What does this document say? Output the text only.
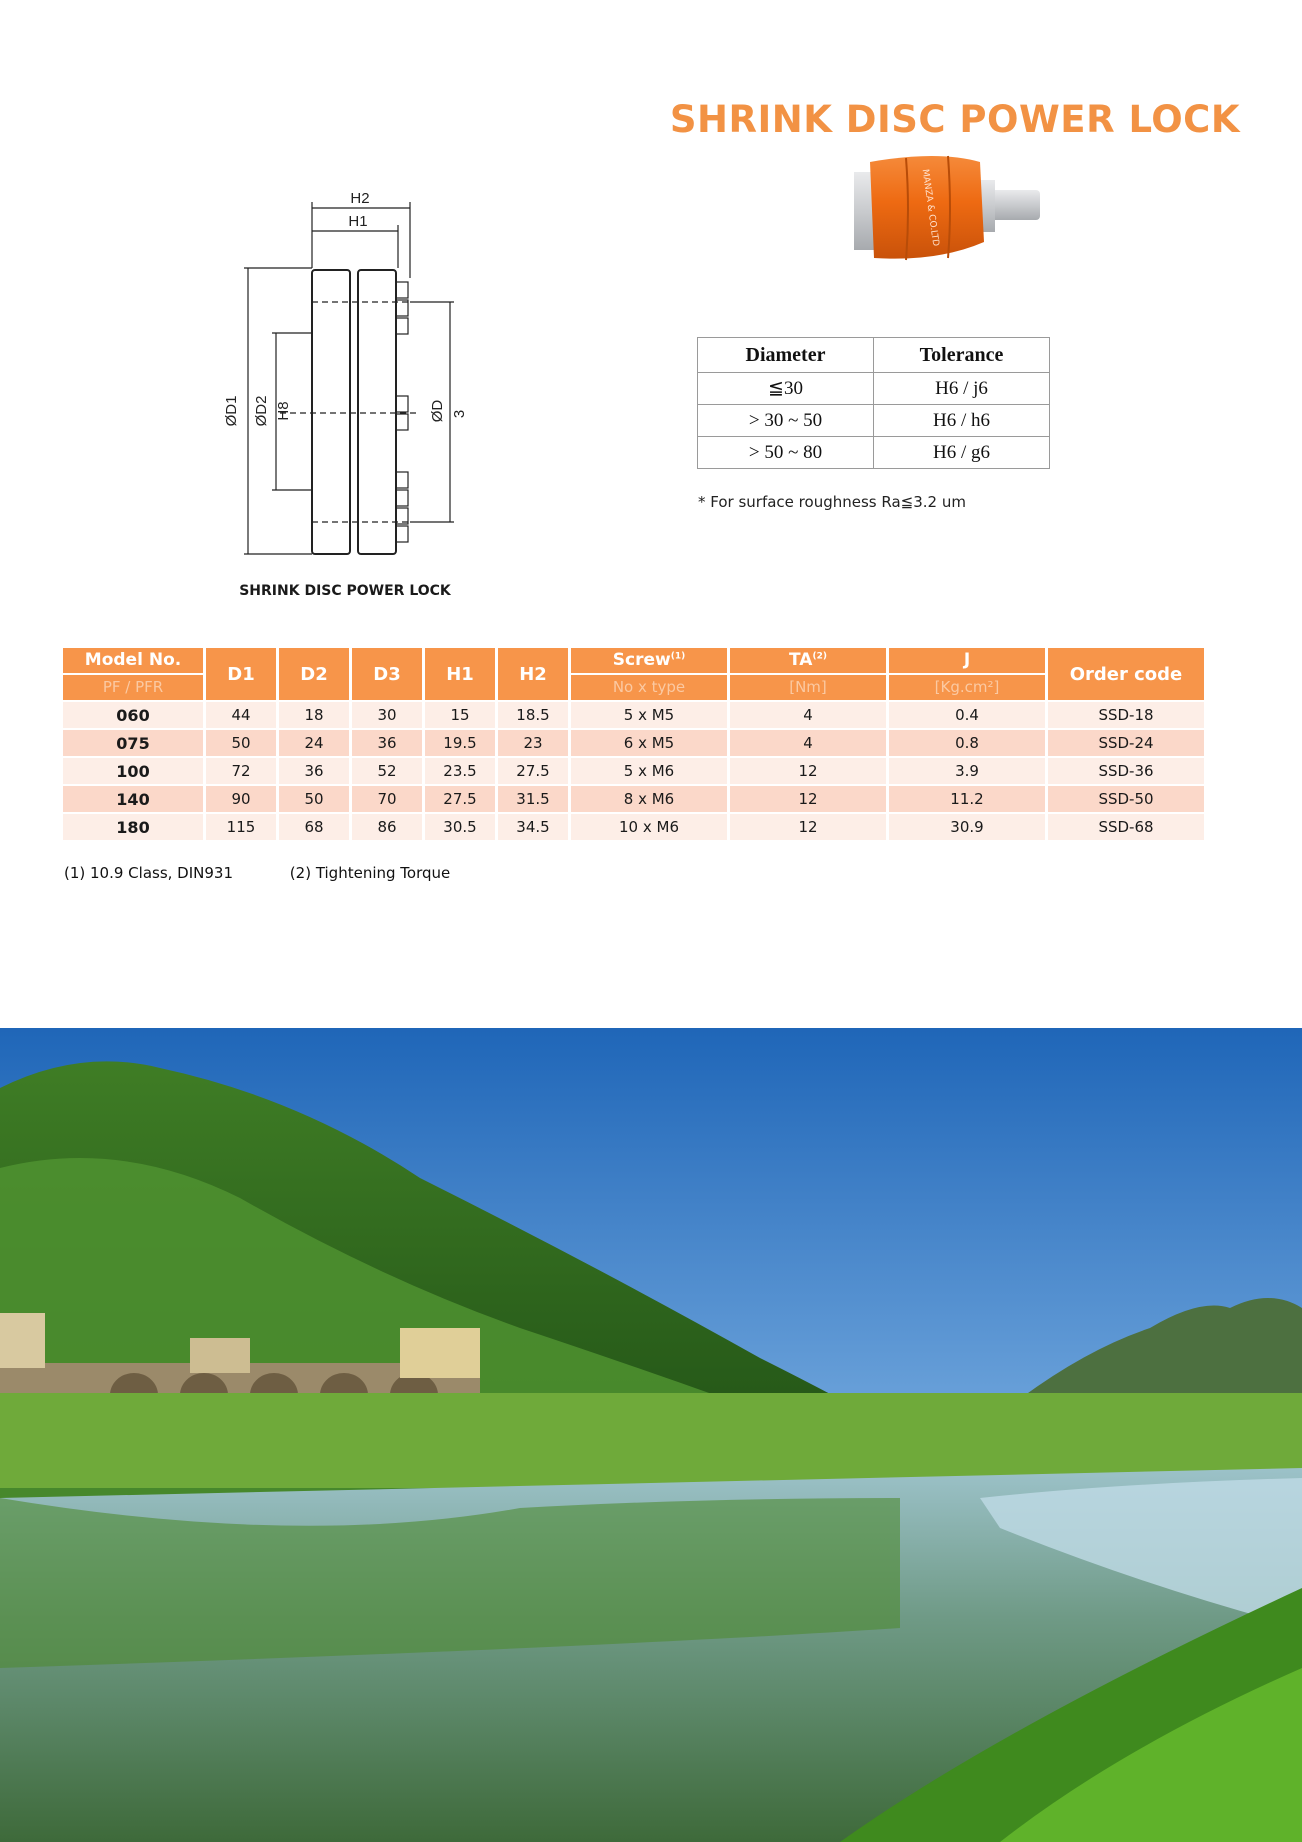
SHRINK DISC POWER LOCK
MANZA & CO.LTD
H2
H1
ØD1 ØD2 H8	ØD 3
SHRINK DISC POWER LOCK
Diameter	Tolerance
≦30	H6 / j6
> 30 ~ 50	H6 / h6
> 50 ~ 80	H6 / g6
* For surface roughness Ra≦3.2 um
Model No.	D1	D2	D3	H1	H2	Screw$^{(1)}$	TA$^{(2)}$	J	Order code
PF / PFR						No x type	[Nm]	[Kg.cm²]	
060	44	18	30	15	18.5	5 x M5	4	0.4	SSD-18
075	50	24	36	19.5	23	6 x M5	4	0.8	SSD-24
100	72	36	52	23.5	27.5	5 x M6	12	3.9	SSD-36
140	90	50	70	27.5	31.5	8 x M6	12	11.2	SSD-50
180	115	68	86	30.5	34.5	10 x M6	12	30.9	SSD-68
(1) 10.9 Class, DIN931	(2) Tightening Torque
